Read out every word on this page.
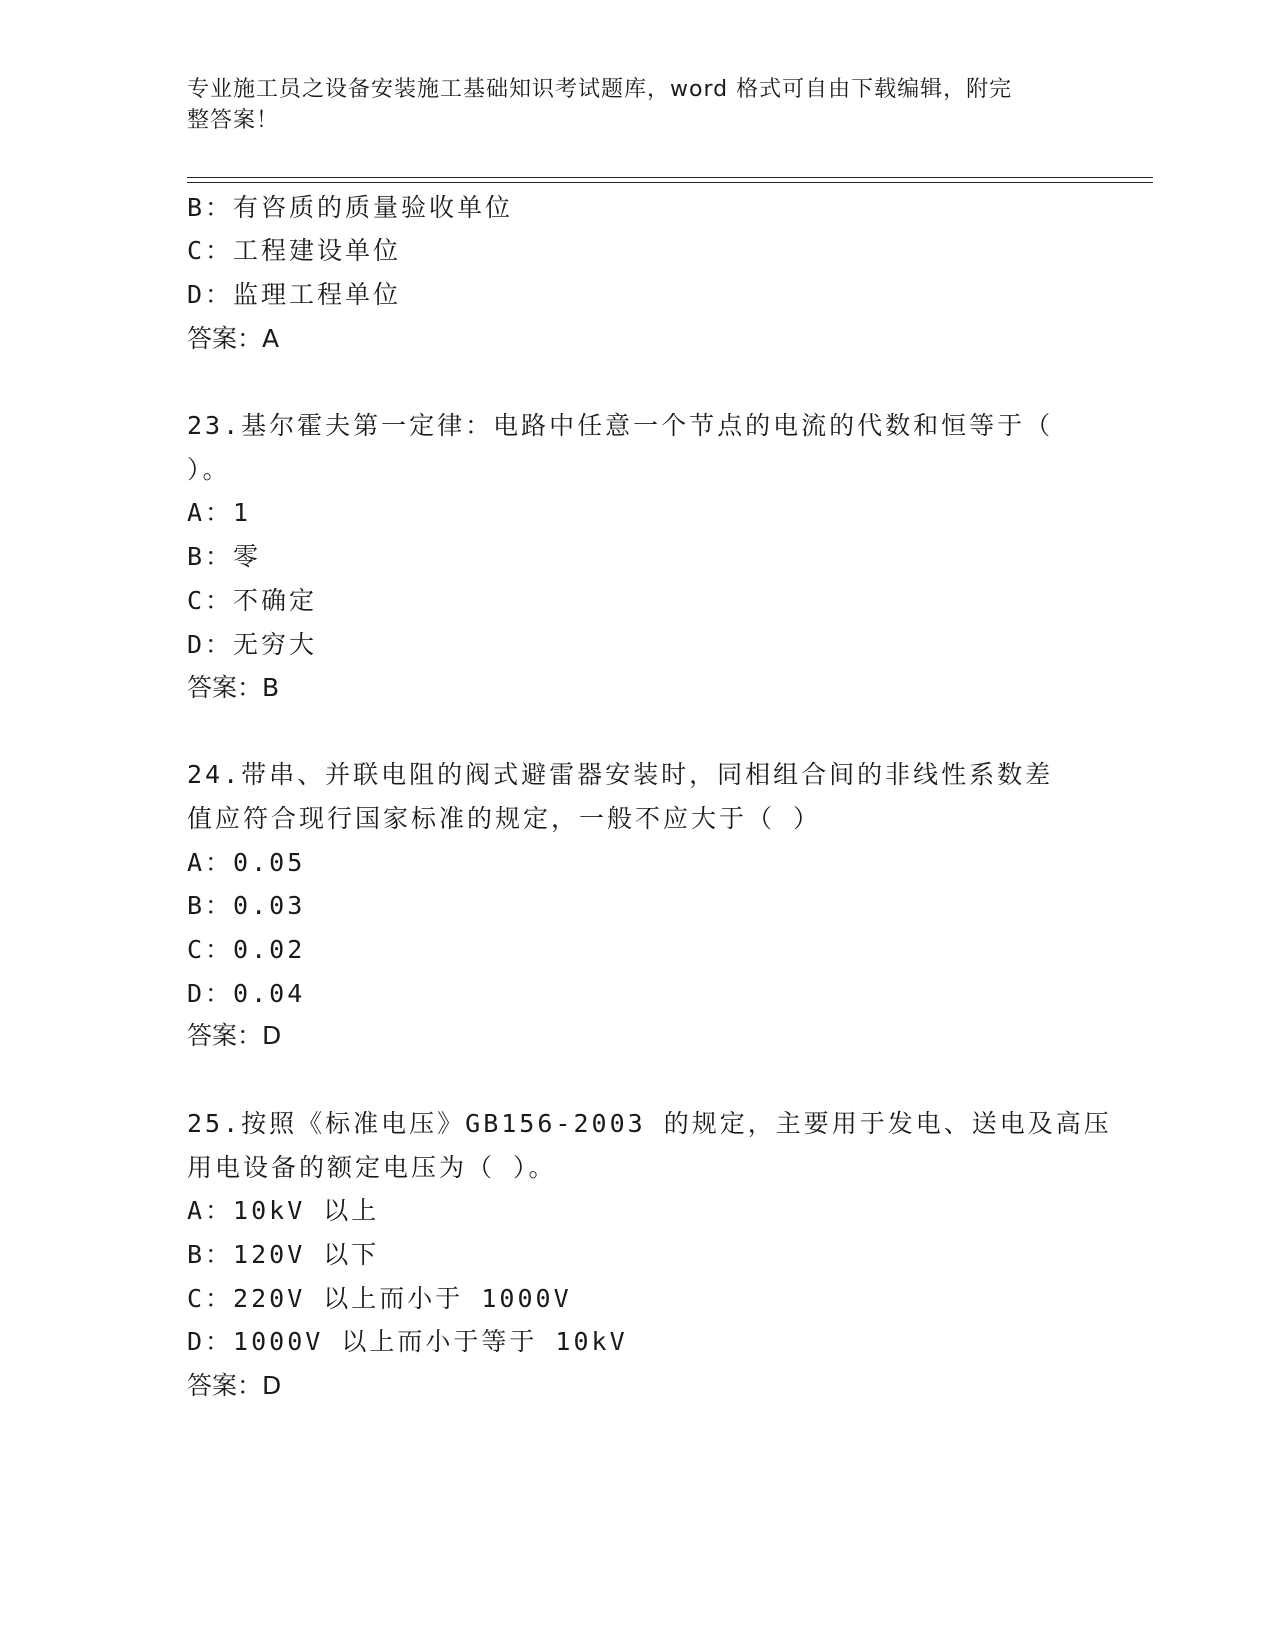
专业施工员之设备安装施工基础知识考试题库，word 格式可自由下载编辑，附完
整答案！
B：有咨质的质量验收单位
C：工程建设单位
D：监理工程单位
答案：A
23.基尔霍夫第一定律：电路中任意一个节点的电流的代数和恒等于（
）。
A：1
B：零
C：不确定
D：无穷大
答案：B
24.带串、并联电阻的阀式避雷器安装时，同相组合间的非线性系数差
值应符合现行国家标准的规定，一般不应大于（ ）
A：0.05
B：0.03
C：0.02
D：0.04
答案：D
25.按照《标准电压》GB156-2003 的规定，主要用于发电、送电及高压
用电设备的额定电压为（ ）。
A：10kV 以上
B：120V 以下
C：220V 以上而小于 1000V
D：1000V 以上而小于等于 10kV
答案：D
